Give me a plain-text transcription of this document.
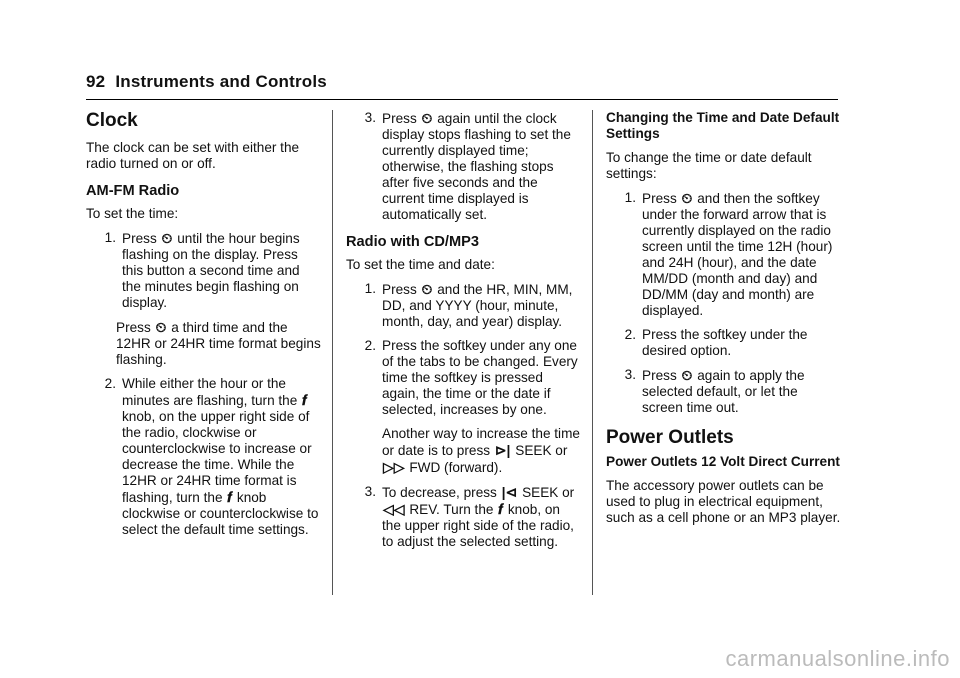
92 Instruments and Controls
Clock

The clock can be set with either the radio turned on or off.

AM-FM Radio

To set the time:

1. Press ⏲ until the hour begins flashing on the display. Press this button a second time and the minutes begin flashing on display.
Press ⏲ a third time and the 12HR or 24HR time format begins flashing.
2. While either the hour or the minutes are flashing, turn the 𝒇 knob, on the upper right side of the radio, clockwise or counterclockwise to increase or decrease the time. While the 12HR or 24HR time format is flashing, turn the 𝒇 knob clockwise or counterclockwise to select the default time settings.
3. Press ⏲ again until the clock display stops flashing to set the currently displayed time; otherwise, the flashing stops after five seconds and the current time displayed is automatically set.
Radio with CD/MP3

To set the time and date:

1. Press ⏲ and the HR, MIN, MM, DD, and YYYY (hour, minute, month, day, and year) display.
2. Press the softkey under any one of the tabs to be changed. Every time the softkey is pressed again, the time or the date if selected, increases by one.

Another way to increase the time or date is to press ⊳| SEEK or ▷▷ FWD (forward).
3. To decrease, press |⊲ SEEK or ◁◁ REV. Turn the 𝒇 knob, on the upper right side of the radio, to adjust the selected setting.
Changing the Time and Date Default Settings

To change the time or date default settings:

1. Press ⏲ and then the softkey under the forward arrow that is currently displayed on the radio screen until the time 12H (hour) and 24H (hour), and the date MM/DD (month and day) and DD/MM (day and month) are displayed.
2. Press the softkey under the desired option.
3. Press ⏲ again to apply the selected default, or let the screen time out.
Power Outlets
Power Outlets 12 Volt Direct Current

The accessory power outlets can be used to plug in electrical equipment, such as a cell phone or an MP3 player.

carmanualsonline.info
